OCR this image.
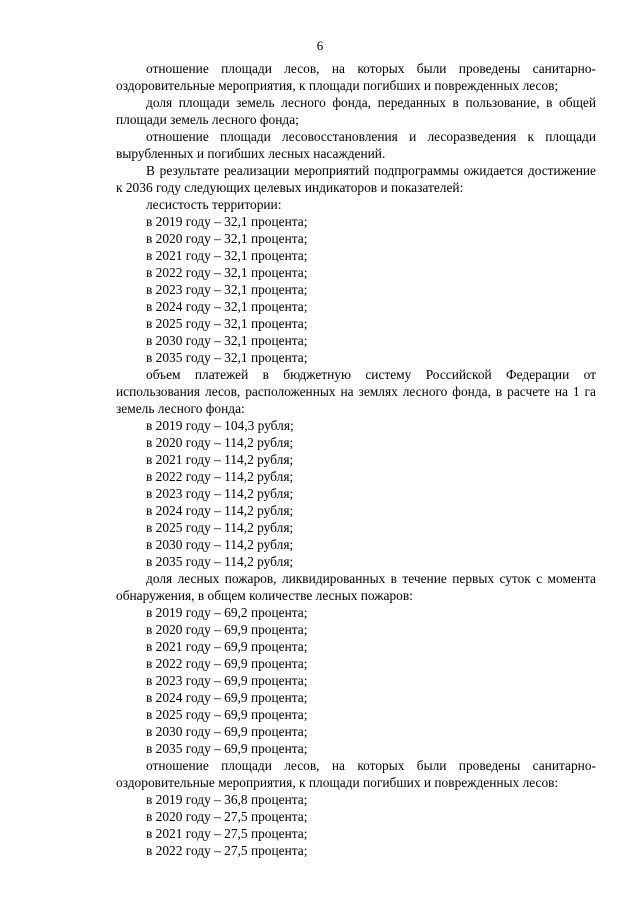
6

отношение площади лесов, на которых были проведены санитарно-оздоровительные мероприятия, к площади погибших и поврежденных лесов;

доля площади земель лесного фонда, переданных в пользование, в общей площади земель лесного фонда;

отношение площади лесовосстановления и лесоразведения к площади вырубленных и погибших лесных насаждений.

В результате реализации мероприятий подпрограммы ожидается достижение к 2036 году следующих целевых индикаторов и показателей:

лесистость территории:

в 2019 году – 32,1 процента;

в 2020 году – 32,1 процента;

в 2021 году – 32,1 процента;

в 2022 году – 32,1 процента;

в 2023 году – 32,1 процента;

в 2024 году – 32,1 процента;

в 2025 году – 32,1 процента;

в 2030 году – 32,1 процента;

в 2035 году – 32,1 процента;

объем платежей в бюджетную систему Российской Федерации от использования лесов, расположенных на землях лесного фонда, в расчете на 1 га земель лесного фонда:

в 2019 году – 104,3 рубля;

в 2020 году – 114,2 рубля;

в 2021 году – 114,2 рубля;

в 2022 году – 114,2 рубля;

в 2023 году – 114,2 рубля;

в 2024 году – 114,2 рубля;

в 2025 году – 114,2 рубля;

в 2030 году – 114,2 рубля;

в 2035 году – 114,2 рубля;

доля лесных пожаров, ликвидированных в течение первых суток с момента обнаружения, в общем количестве лесных пожаров:

в 2019 году – 69,2 процента;

в 2020 году – 69,9 процента;

в 2021 году – 69,9 процента;

в 2022 году – 69,9 процента;

в 2023 году – 69,9 процента;

в 2024 году – 69,9 процента;

в 2025 году – 69,9 процента;

в 2030 году – 69,9 процента;

в 2035 году – 69,9 процента;

отношение площади лесов, на которых были проведены санитарно-оздоровительные мероприятия, к площади погибших и поврежденных лесов:

в 2019 году – 36,8 процента;

в 2020 году – 27,5 процента;

в 2021 году – 27,5 процента;

в 2022 году – 27,5 процента;
